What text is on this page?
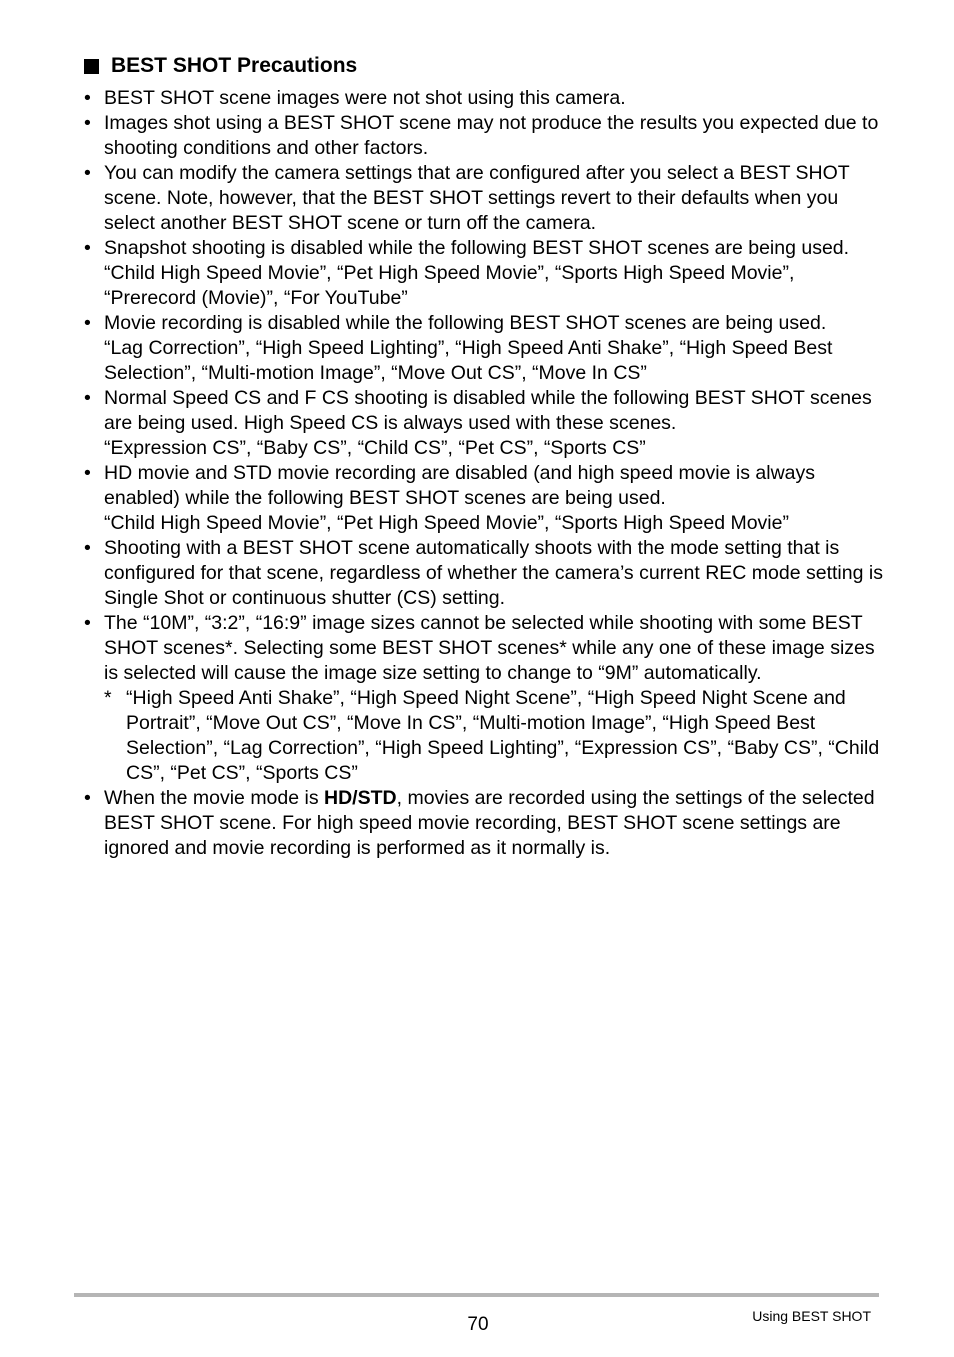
BEST SHOT Precautions
• BEST SHOT scene images were not shot using this camera.
• Images shot using a BEST SHOT scene may not produce the results you expected due to shooting conditions and other factors.
• You can modify the camera settings that are configured after you select a BEST SHOT scene. Note, however, that the BEST SHOT settings revert to their defaults when you select another BEST SHOT scene or turn off the camera.
• Snapshot shooting is disabled while the following BEST SHOT scenes are being used.
“Child High Speed Movie”, “Pet High Speed Movie”, “Sports High Speed Movie”, “Prerecord (Movie)”, “For YouTube”
• Movie recording is disabled while the following BEST SHOT scenes are being used.
“Lag Correction”, “High Speed Lighting”, “High Speed Anti Shake”, “High Speed Best Selection”, “Multi-motion Image”, “Move Out CS”, “Move In CS”
• Normal Speed CS and F CS shooting is disabled while the following BEST SHOT scenes are being used. High Speed CS is always used with these scenes.
“Expression CS”, “Baby CS”, “Child CS”, “Pet CS”, “Sports CS”
• HD movie and STD movie recording are disabled (and high speed movie is always enabled) while the following BEST SHOT scenes are being used.
“Child High Speed Movie”, “Pet High Speed Movie”, “Sports High Speed Movie”
• Shooting with a BEST SHOT scene automatically shoots with the mode setting that is configured for that scene, regardless of whether the camera’s current REC mode setting is Single Shot or continuous shutter (CS) setting.
• The “10M”, “3:2”, “16:9” image sizes cannot be selected while shooting with some BEST SHOT scenes*. Selecting some BEST SHOT scenes* while any one of these image sizes is selected will cause the image size setting to change to “9M” automatically.
* “High Speed Anti Shake”, “High Speed Night Scene”, “High Speed Night Scene and Portrait”, “Move Out CS”, “Move In CS”, “Multi-motion Image”, “High Speed Best Selection”, “Lag Correction”, “High Speed Lighting”, “Expression CS”, “Baby CS”, “Child CS”, “Pet CS”, “Sports CS”
• When the movie mode is HD/STD, movies are recorded using the settings of the selected BEST SHOT scene. For high speed movie recording, BEST SHOT scene settings are ignored and movie recording is performed as it normally is.
70	Using BEST SHOT
